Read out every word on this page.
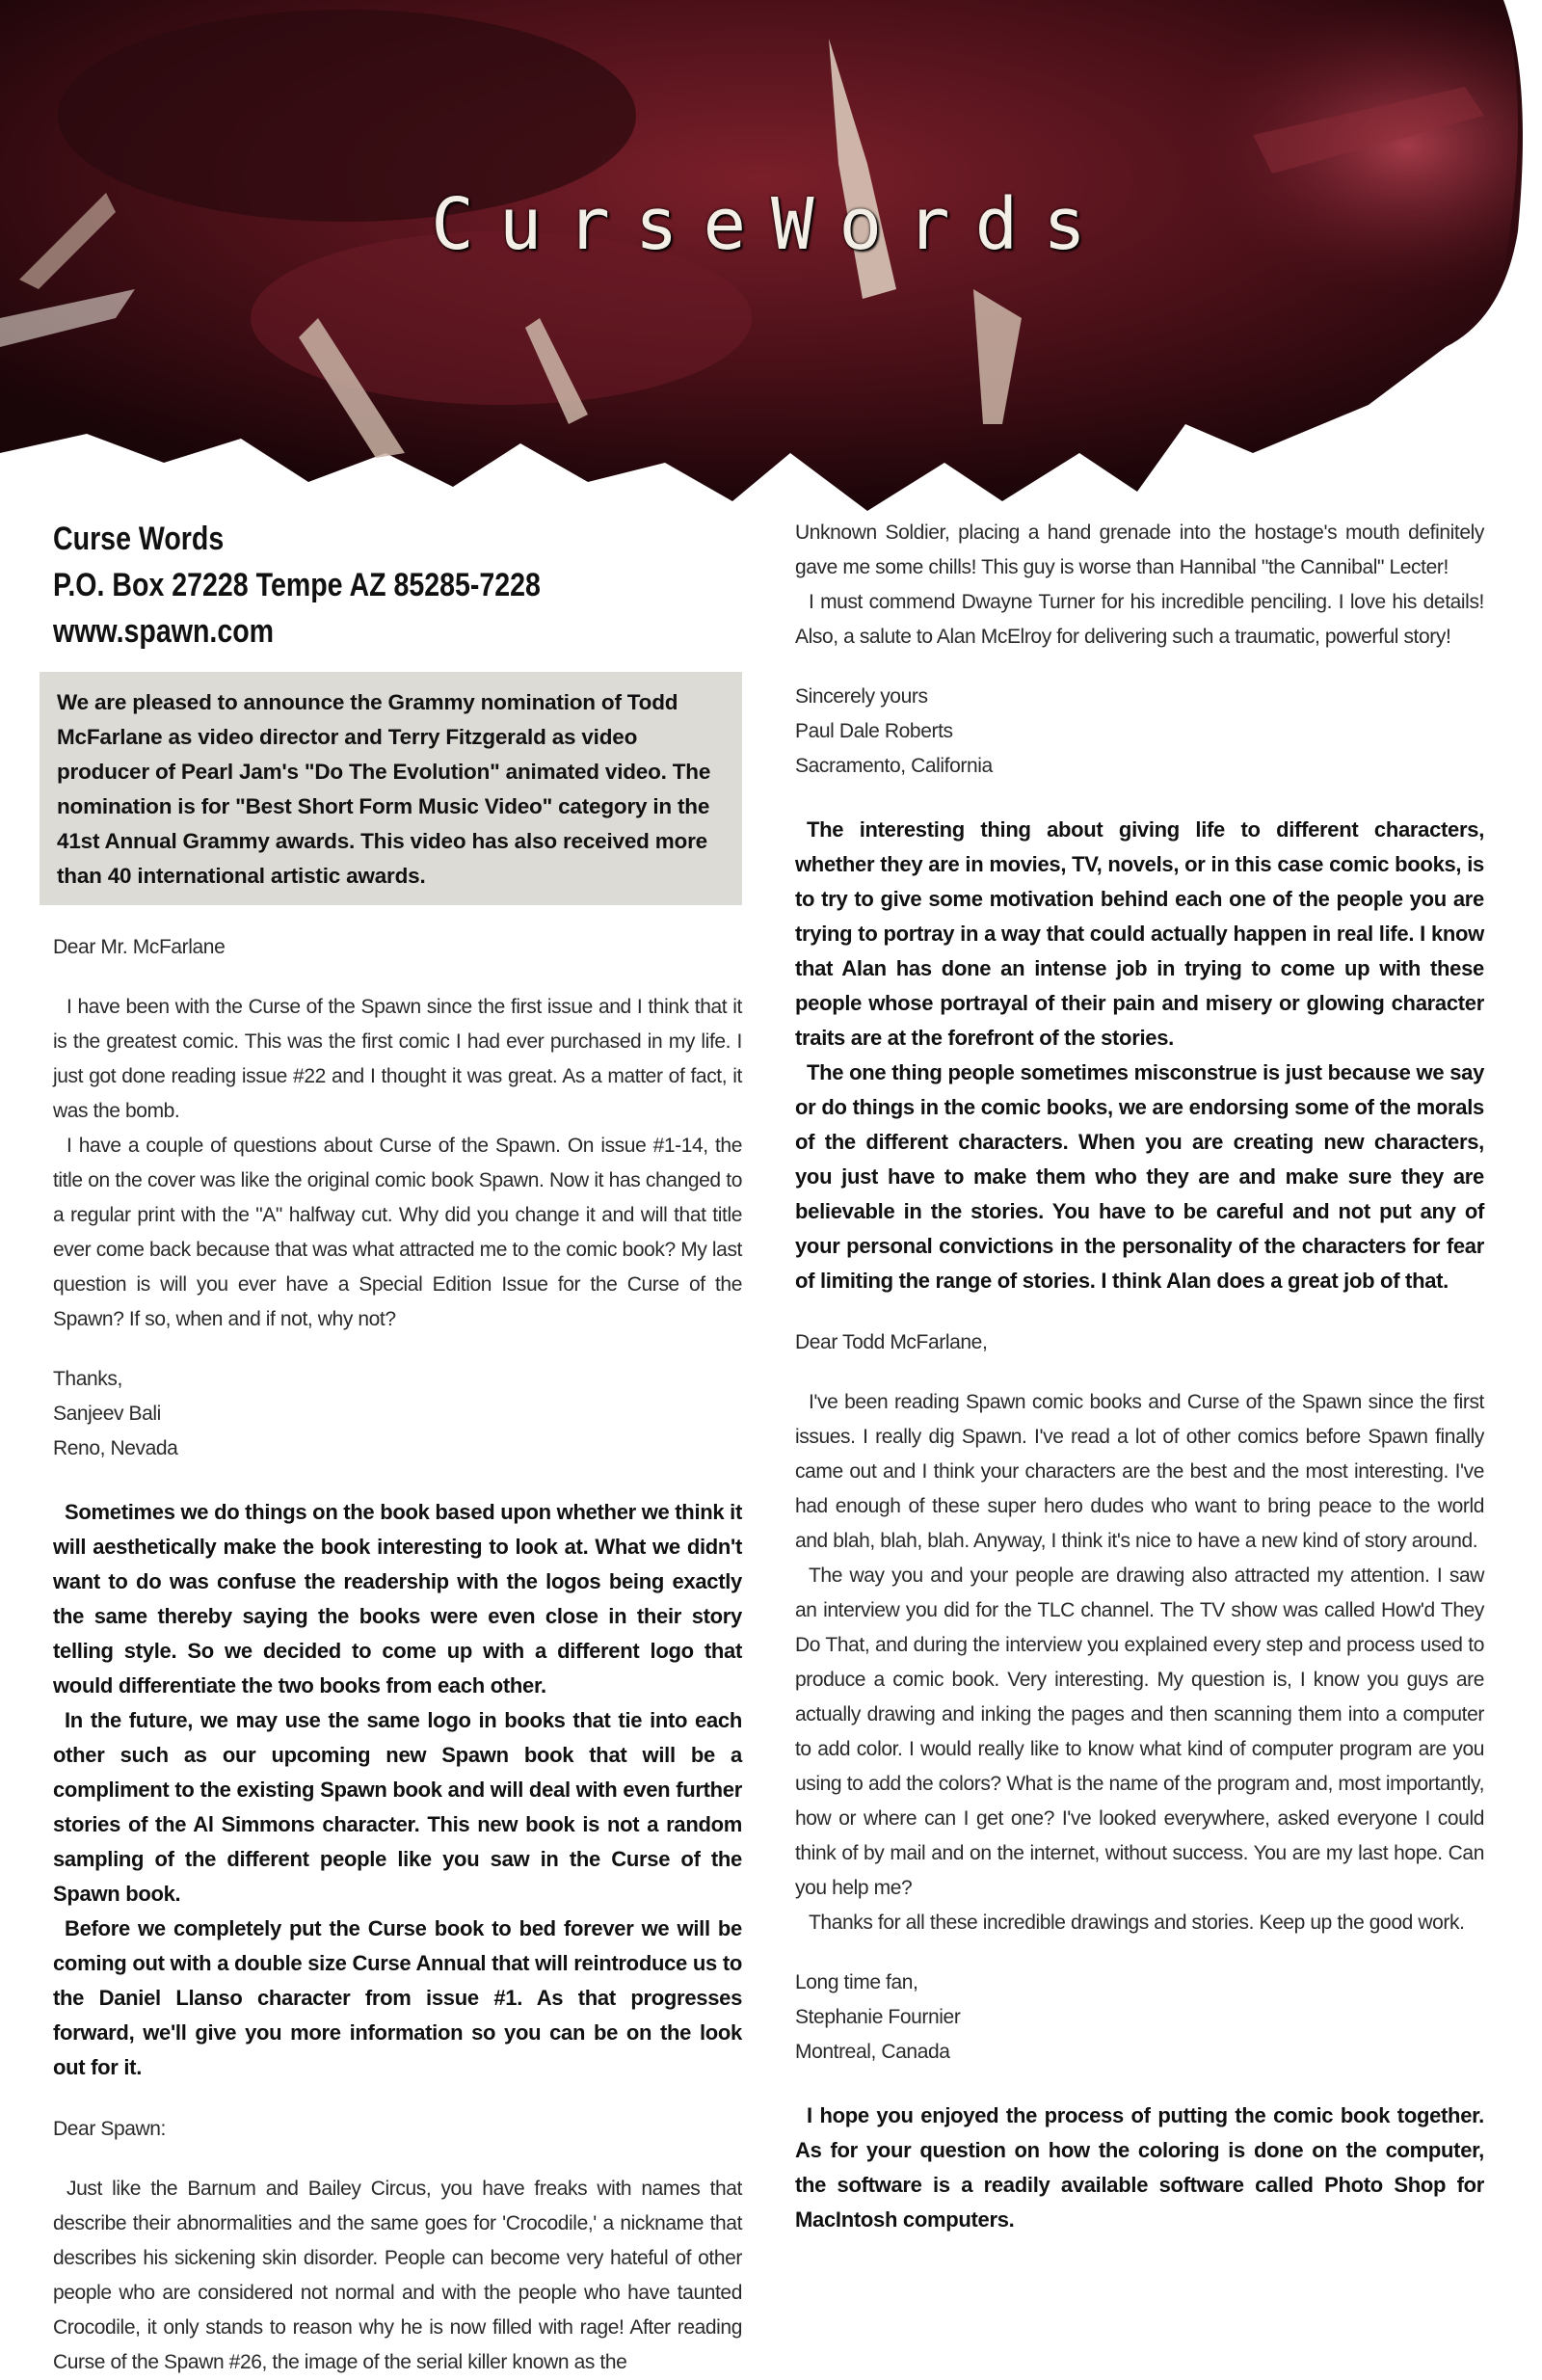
CurseWords
Curse Words
P.O. Box 27228 Tempe AZ 85285-7228
www.spawn.com
We are pleased to announce the Grammy nomination of Todd McFarlane as video director and Terry Fitzgerald as video producer of Pearl Jam's "Do The Evolution" animated video. The nomination is for "Best Short Form Music Video" category in the 41st Annual Grammy awards. This video has also received more than 40 international artistic awards.

Dear Mr. McFarlane

I have been with the Curse of the Spawn since the first issue and I think that it is the greatest comic. This was the first comic I had ever purchased in my life. I just got done reading issue #22 and I thought it was great. As a matter of fact, it was the bomb.

I have a couple of questions about Curse of the Spawn. On issue #1-14, the title on the cover was like the original comic book Spawn. Now it has changed to a regular print with the "A" halfway cut. Why did you change it and will that title ever come back because that was what attracted me to the comic book? My last question is will you ever have a Special Edition Issue for the Curse of the Spawn? If so, when and if not, why not?

Thanks,
Sanjeev Bali
Reno, Nevada

Sometimes we do things on the book based upon whether we think it will aesthetically make the book interesting to look at. What we didn't want to do was confuse the readership with the logos being exactly the same thereby saying the books were even close in their story telling style. So we decided to come up with a different logo that would differentiate the two books from each other.

In the future, we may use the same logo in books that tie into each other such as our upcoming new Spawn book that will be a compliment to the existing Spawn book and will deal with even further stories of the Al Simmons character. This new book is not a random sampling of the different people like you saw in the Curse of the Spawn book.

Before we completely put the Curse book to bed forever we will be coming out with a double size Curse Annual that will reintroduce us to the Daniel Llanso character from issue #1. As that progresses forward, we'll give you more information so you can be on the look out for it.

Dear Spawn:

Just like the Barnum and Bailey Circus, you have freaks with names that describe their abnormalities and the same goes for 'Crocodile,' a nickname that describes his sickening skin disorder. People can become very hateful of other people who are considered not normal and with the people who have taunted Crocodile, it only stands to reason why he is now filled with rage! After reading Curse of the Spawn #26, the image of the serial killer known as the

Unknown Soldier, placing a hand grenade into the hostage's mouth definitely gave me some chills! This guy is worse than Hannibal "the Cannibal" Lecter!

I must commend Dwayne Turner for his incredible penciling. I love his details! Also, a salute to Alan McElroy for delivering such a traumatic, powerful story!

Sincerely yours
Paul Dale Roberts
Sacramento, California

The interesting thing about giving life to different characters, whether they are in movies, TV, novels, or in this case comic books, is to try to give some motivation behind each one of the people you are trying to portray in a way that could actually happen in real life. I know that Alan has done an intense job in trying to come up with these people whose portrayal of their pain and misery or glowing character traits are at the forefront of the stories.

The one thing people sometimes misconstrue is just because we say or do things in the comic books, we are endorsing some of the morals of the different characters. When you are creating new characters, you just have to make them who they are and make sure they are believable in the stories. You have to be careful and not put any of your personal convictions in the personality of the characters for fear of limiting the range of stories. I think Alan does a great job of that.

Dear Todd McFarlane,

I've been reading Spawn comic books and Curse of the Spawn since the first issues. I really dig Spawn. I've read a lot of other comics before Spawn finally came out and I think your characters are the best and the most interesting. I've had enough of these super hero dudes who want to bring peace to the world and blah, blah, blah. Anyway, I think it's nice to have a new kind of story around.

The way you and your people are drawing also attracted my attention. I saw an interview you did for the TLC channel. The TV show was called How'd They Do That, and during the interview you explained every step and process used to produce a comic book. Very interesting. My question is, I know you guys are actually drawing and inking the pages and then scanning them into a computer to add color. I would really like to know what kind of computer program are you using to add the colors? What is the name of the program and, most importantly, how or where can I get one? I've looked everywhere, asked everyone I could think of by mail and on the internet, without success. You are my last hope. Can you help me?

Thanks for all these incredible drawings and stories. Keep up the good work.

Long time fan,
Stephanie Fournier
Montreal, Canada

I hope you enjoyed the process of putting the comic book together. As for your question on how the coloring is done on the computer, the software is a readily available software called Photo Shop for MacIntosh computers.
